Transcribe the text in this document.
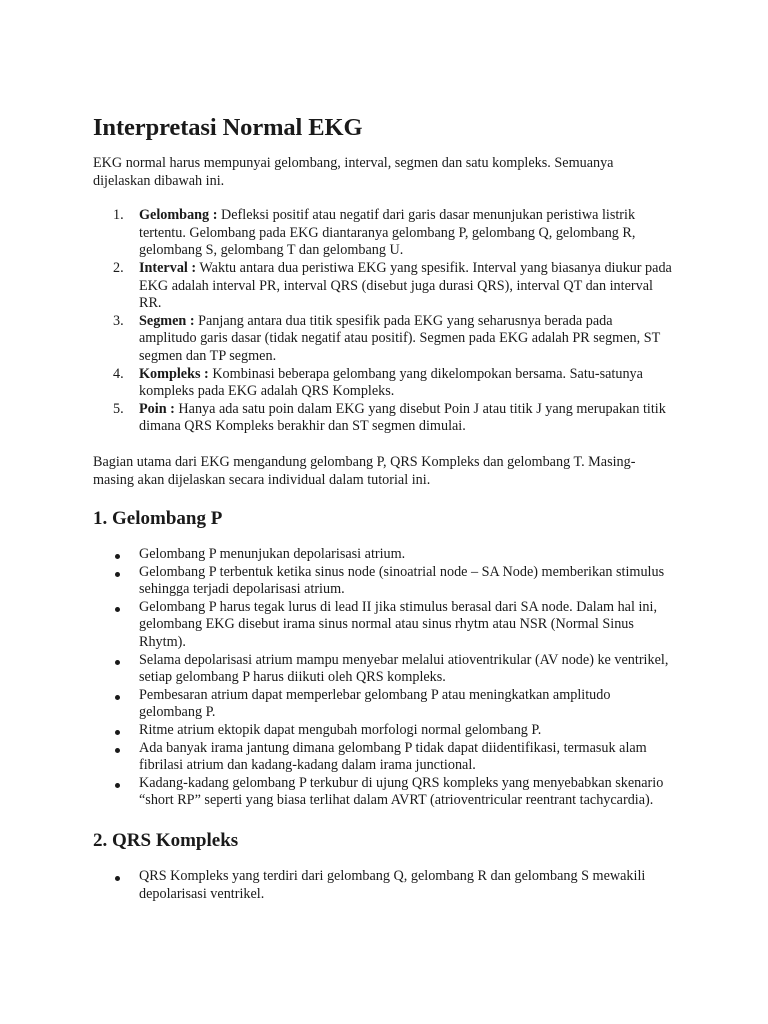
Interpretasi Normal EKG

EKG normal harus mempunyai gelombang, interval, segmen dan satu kompleks. Semuanya dijelaskan dibawah ini.

1. Gelombang : Defleksi positif atau negatif dari garis dasar menunjukan peristiwa listrik tertentu. Gelombang pada EKG diantaranya gelombang P, gelombang Q, gelombang R, gelombang S, gelombang T dan gelombang U.
2. Interval : Waktu antara dua peristiwa EKG yang spesifik. Interval yang biasanya diukur pada EKG adalah interval PR, interval QRS (disebut juga durasi QRS), interval QT dan interval RR.
3. Segmen : Panjang antara dua titik spesifik pada EKG yang seharusnya berada pada amplitudo garis dasar (tidak negatif atau positif). Segmen pada EKG adalah PR segmen, ST segmen dan TP segmen.
4. Kompleks : Kombinasi beberapa gelombang yang dikelompokan bersama. Satu-satunya kompleks pada EKG adalah QRS Kompleks.
5. Poin : Hanya ada satu poin dalam EKG yang disebut Poin J atau titik J yang merupakan titik dimana QRS Kompleks berakhir dan ST segmen dimulai.

Bagian utama dari EKG mengandung gelombang P, QRS Kompleks dan gelombang T. Masing-masing akan dijelaskan secara individual dalam tutorial ini.

1. Gelombang P
Gelombang P menunjukan depolarisasi atrium.
Gelombang P terbentuk ketika sinus node (sinoatrial node – SA Node) memberikan stimulus sehingga terjadi depolarisasi atrium.
Gelombang P harus tegak lurus di lead II jika stimulus berasal dari SA node. Dalam hal ini, gelombang EKG disebut irama sinus normal atau sinus rhytm atau NSR (Normal Sinus Rhytm).
Selama depolarisasi atrium mampu menyebar melalui atioventrikular (AV node) ke ventrikel, setiap gelombang P harus diikuti oleh QRS kompleks.
Pembesaran atrium dapat memperlebar gelombang P atau meningkatkan amplitudo gelombang P.
Ritme atrium ektopik dapat mengubah morfologi normal gelombang P.
Ada banyak irama jantung dimana gelombang P tidak dapat diidentifikasi, termasuk alam fibrilasi atrium dan kadang-kadang dalam irama junctional.
Kadang-kadang gelombang P terkubur di ujung QRS kompleks yang menyebabkan skenario “short RP” seperti yang biasa terlihat dalam AVRT (atrioventricular reentrant tachycardia).
2. QRS Kompleks
QRS Kompleks yang terdiri dari gelombang Q, gelombang R dan gelombang S mewakili depolarisasi ventrikel.
